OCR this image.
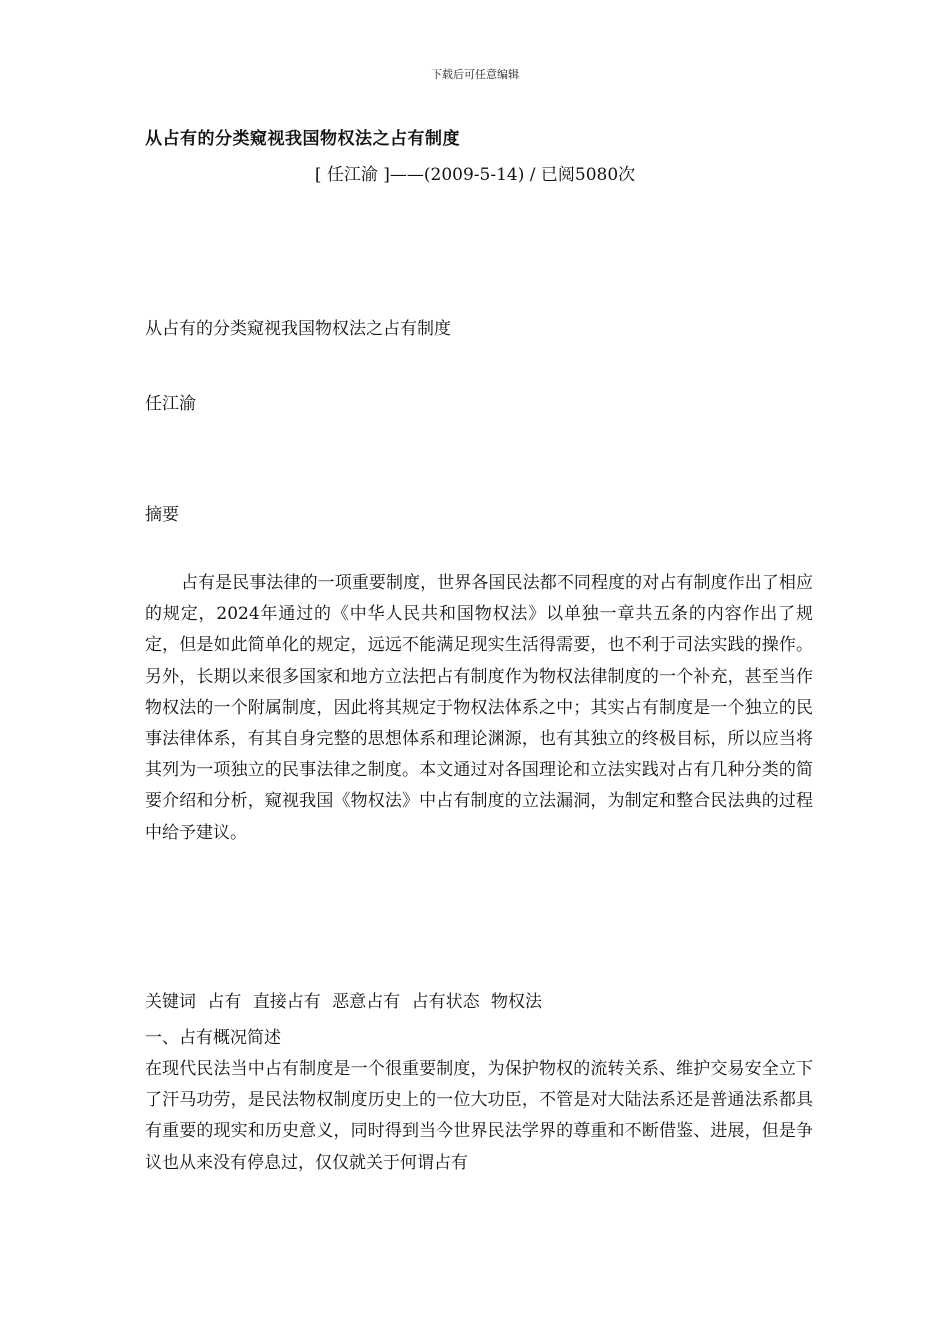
下载后可任意编辑
从占有的分类窥视我国物权法之占有制度
[ 任江渝 ]——(2009-5-14) / 已阅5080次
从占有的分类窥视我国物权法之占有制度
任江渝
摘要
占有是民事法律的一项重要制度，世界各国民法都不同程度的对占有制度作出了相应的规定，2024年通过的《中华人民共和国物权法》以单独一章共五条的内容作出了规定，但是如此简单化的规定，远远不能满足现实生活得需要，也不利于司法实践的操作。另外，长期以来很多国家和地方立法把占有制度作为物权法律制度的一个补充，甚至当作物权法的一个附属制度，因此将其规定于物权法体系之中；其实占有制度是一个独立的民事法律体系，有其自身完整的思想体系和理论渊源，也有其独立的终极目标，所以应当将其列为一项独立的民事法律之制度。本文通过对各国理论和立法实践对占有几种分类的简要介绍和分析，窥视我国《物权法》中占有制度的立法漏洞，为制定和整合民法典的过程中给予建议。
关键词 占有 直接占有 恶意占有 占有状态 物权法
一、占有概况简述
在现代民法当中占有制度是一个很重要制度，为保护物权的流转关系、维护交易安全立下了汗马功劳，是民法物权制度历史上的一位大功臣，不管是对大陆法系还是普通法系都具有重要的现实和历史意义，同时得到当今世界民法学界的尊重和不断借鉴、进展，但是争议也从来没有停息过，仅仅就关于何谓占有
